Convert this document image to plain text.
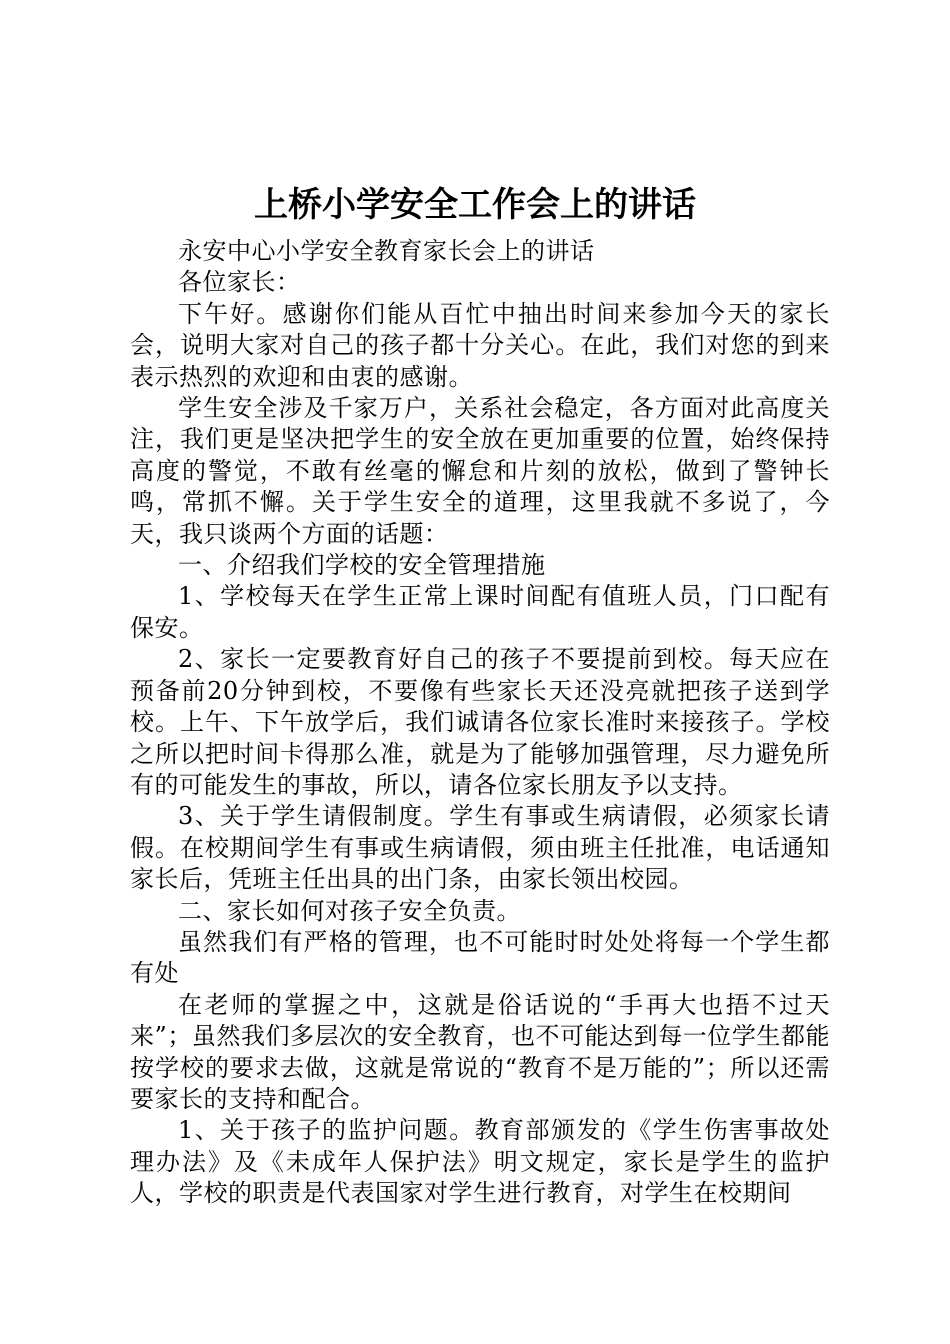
上桥小学安全工作会上的讲话

永安中心小学安全教育家长会上的讲话

各位家长：

下午好。感谢你们能从百忙中抽出时间来参加今天的家长会，说明大家对自己的孩子都十分关心。在此，我们对您的到来表示热烈的欢迎和由衷的感谢。

学生安全涉及千家万户，关系社会稳定，各方面对此高度关注，我们更是坚决把学生的安全放在更加重要的位置，始终保持高度的警觉，不敢有丝毫的懈怠和片刻的放松，做到了警钟长鸣，常抓不懈。关于学生安全的道理，这里我就不多说了，今天，我只谈两个方面的话题：

一、介绍我们学校的安全管理措施

1、学校每天在学生正常上课时间配有值班人员，门口配有保安。

2、家长一定要教育好自己的孩子不要提前到校。每天应在预备前20分钟到校，不要像有些家长天还没亮就把孩子送到学校。上午、下午放学后，我们诚请各位家长准时来接孩子。学校之所以把时间卡得那么准，就是为了能够加强管理，尽力避免所有的可能发生的事故，所以，请各位家长朋友予以支持。

3、关于学生请假制度。学生有事或生病请假，必须家长请假。在校期间学生有事或生病请假，须由班主任批准，电话通知家长后，凭班主任出具的出门条，由家长领出校园。

二、家长如何对孩子安全负责。

虽然我们有严格的管理，也不可能时时处处将每一个学生都有处

在老师的掌握之中，这就是俗话说的“手再大也捂不过天来”；虽然我们多层次的安全教育，也不可能达到每一位学生都能按学校的要求去做，这就是常说的“教育不是万能的”；所以还需要家长的支持和配合。

1、关于孩子的监护问题。教育部颁发的《学生伤害事故处理办法》及《未成年人保护法》明文规定，家长是学生的监护人，学校的职责是代表国家对学生进行教育，对学生在校期间
